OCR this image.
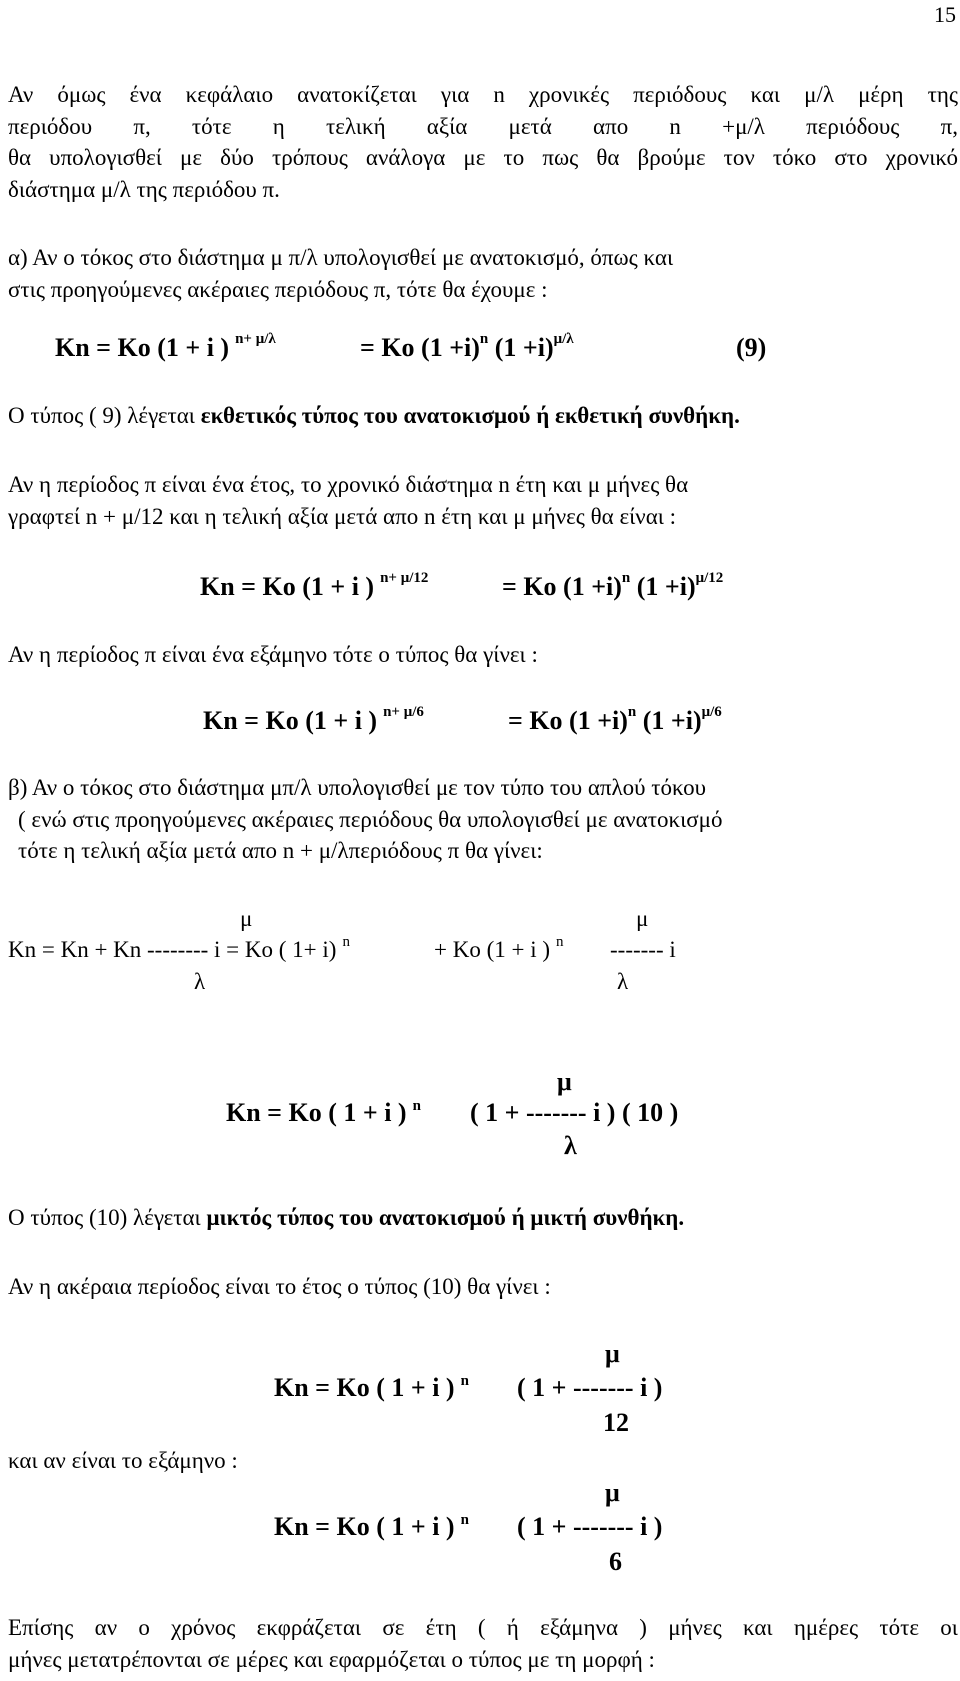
15
Αν όμως ένα κεφάλαιο ανατοκίζεται για n χρονικές περιόδους και μ/λ μέρη της
περιόδου π, τότε η τελική αξία μετά απο n +μ/λ περιόδους π,
θα υπολογισθεί με δύο τρόπους ανάλογα με το πως θα βρούμε τον τόκο στο χρονικό
διάστημα μ/λ της περιόδου π.
α) Αν ο τόκος στο διάστημα μ π/λ υπολογισθεί με ανατοκισμό, όπως και
στις προηγούμενες ακέραιες περιόδους π, τότε θα έχουμε :
Kn = Ko (1 + i ) $^{n+ \mu/\lambda}$	= Ko $(1 +i)^n$ $(1 +i)^{\mu/\lambda}$	(9)
Ο τύπος ( 9) λέγεται εκθετικός τύπος του ανατοκισμού ή εκθετική συνθήκη.
Αν η περίοδος π είναι ένα έτος, το χρονικό διάστημα n έτη και μ μήνες θα
γραφτεί n + μ/12 και η τελική αξία μετά απο n έτη και μ μήνες θα είναι :
Kn = Ko (1 + i ) $^{n+ \mu/12}$	= Ko $(1 +i)^n$ $(1 +i)^{\mu/12}$
Αν η περίοδος π είναι ένα εξάμηνο τότε ο τύπος θα γίνει :
Kn = Ko (1 + i ) $^{n+ \mu/6}$	= Ko $(1 +i)^n$ $(1 +i)^{\mu/6}$
β) Αν ο τόκος στο διάστημα μπ/λ υπολογισθεί με τον τύπο του απλού τόκου
( ενώ στις προηγούμενες ακέραιες περιόδους θα υπολογισθεί με ανατοκισμό
τότε η τελική αξία μετά απο n + μ/λπεριόδους π θα γίνει:
μ	μ
Kn = Kn + Kn -------- i = Ko ( 1+ i) $^n$	+ Ko (1 + i ) $^n$ ------- i
λ	λ
μ
Kn = Ko ( 1 + i ) $^n$ ( 1 + ------- i ) ( 10 )
λ
Ο τύπος (10) λέγεται μικτός τύπος του ανατοκισμού ή μικτή συνθήκη.
Αν η ακέραια περίοδος είναι το έτος ο τύπος (10) θα γίνει :
μ
Kn = Ko ( 1 + i ) $^n$ ( 1 + ------- i )
12
και αν είναι το εξάμηνο :
μ
Kn = Ko ( 1 + i ) $^n$ ( 1 + ------- i )
6
Επίσης αν ο χρόνος εκφράζεται σε έτη ( ή εξάμηνα ) μήνες και ημέρες τότε οι
μήνες μετατρέπονται σε μέρες και εφαρμόζεται ο τύπος με τη μορφή :
